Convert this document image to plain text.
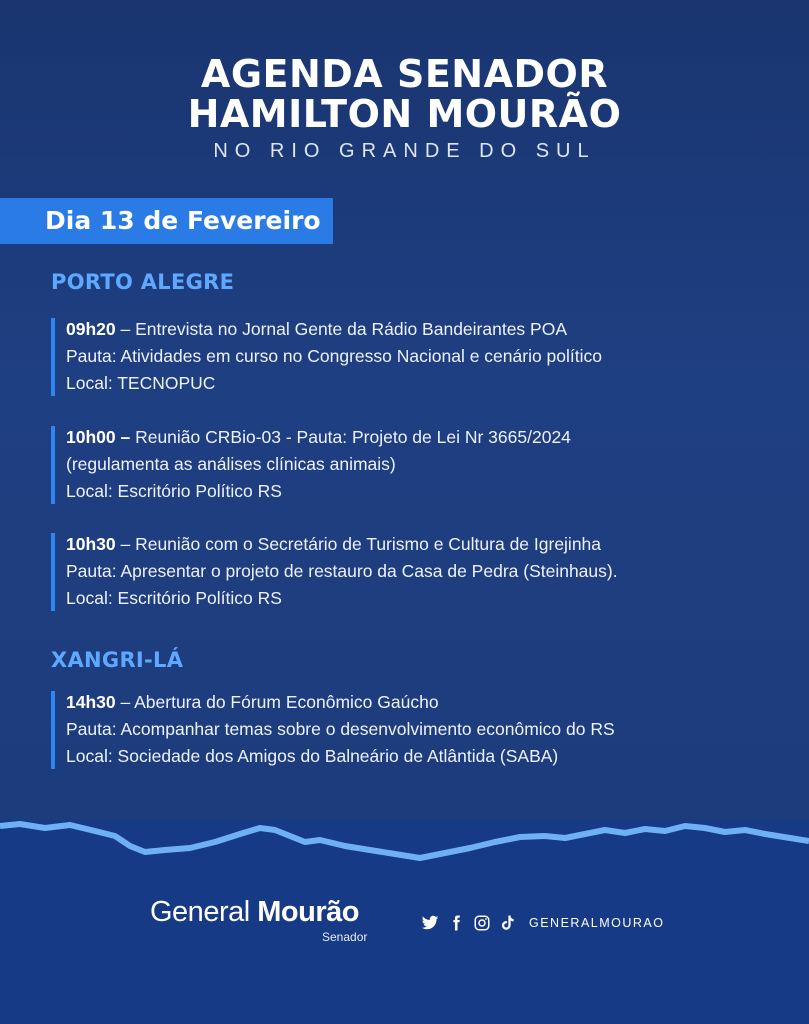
AGENDA SENADOR
HAMILTON MOURÃO
NO RIO GRANDE DO SUL
Dia 13 de Fevereiro
PORTO ALEGRE
09h20 – Entrevista no Jornal Gente da Rádio Bandeirantes POA
Pauta: Atividades em curso no Congresso Nacional e cenário político
Local: TECNOPUC
10h00 – Reunião CRBio-03 - Pauta: Projeto de Lei Nr 3665/2024
(regulamenta as análises clínicas animais)
Local: Escritório Político RS
10h30 – Reunião com o Secretário de Turismo e Cultura de Igrejinha
Pauta: Apresentar o projeto de restauro da Casa de Pedra (Steinhaus).
Local: Escritório Político RS
XANGRI-LÁ
14h30 – Abertura do Fórum Econômico Gaúcho
Pauta: Acompanhar temas sobre o desenvolvimento econômico do RS
Local: Sociedade dos Amigos do Balneário de Atlântida (SABA)
General Mourão
Senador
GENERALMOURAO
